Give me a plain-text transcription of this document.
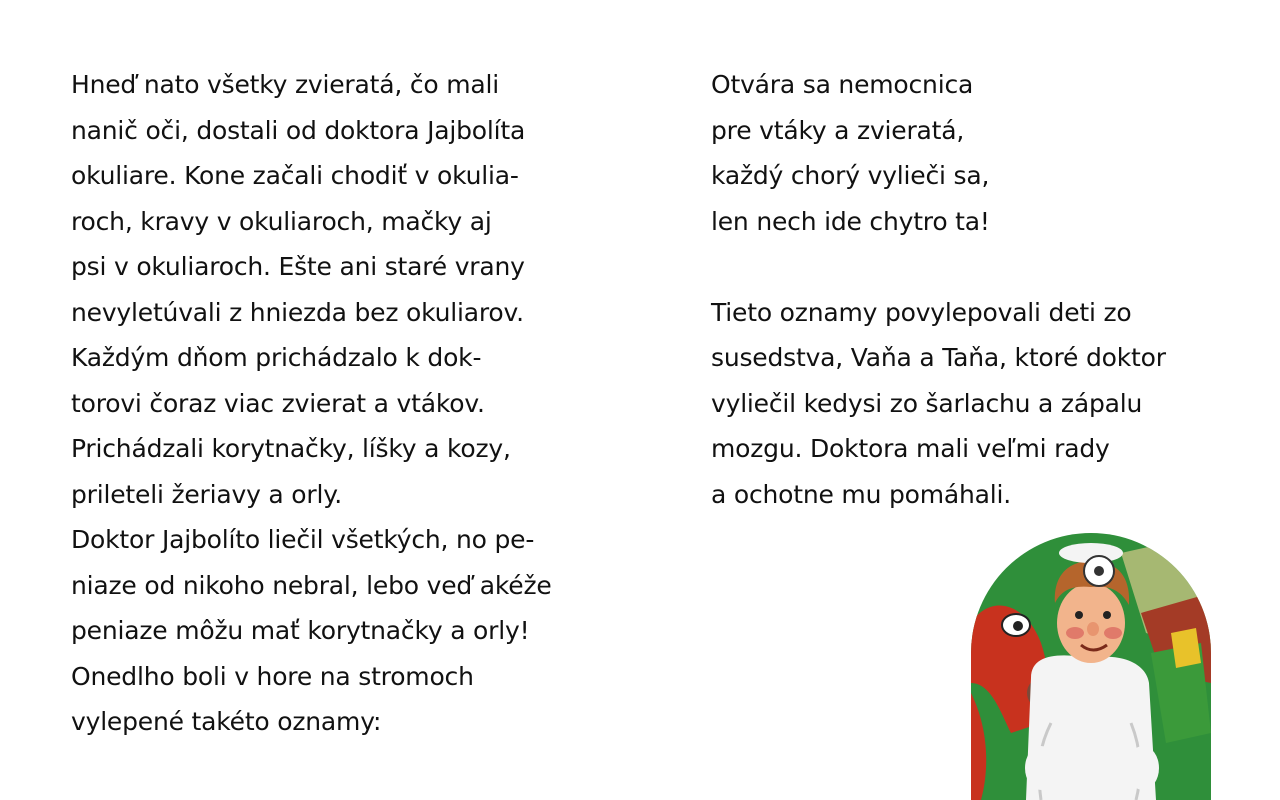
Hneď nato všetky zvieratá, čo mali
nanič oči, dostali od doktora Jajbolíta
okuliare. Kone začali chodiť v okulia-
roch, kravy v okuliaroch, mačky aj
psi v okuliaroch. Ešte ani staré vrany
nevyletúvali z hniezda bez okuliarov.
Každým dňom prichádzalo k dok-
torovi čoraz viac zvierat a vtákov.
Prichádzali korytnačky, líšky a kozy,
prileteli žeriavy a orly.
Doktor Jajbolíto liečil všetkých, no pe-
niaze od nikoho nebral, lebo veď akéže
peniaze môžu mať korytnačky a orly!
Onedlho boli v hore na stromoch
vylepené takéto oznamy:
Otvára sa nemocnica
pre vtáky a zvieratá,
každý chorý vylieči sa,
len nech ide chytro ta!
Tieto oznamy povylepovali deti zo
susedstva, Vaňa a Taňa, ktoré doktor
vyliečil kedysi zo šarlachu a zápalu
mozgu. Doktora mali veľmi rady
a ochotne mu pomáhali.
